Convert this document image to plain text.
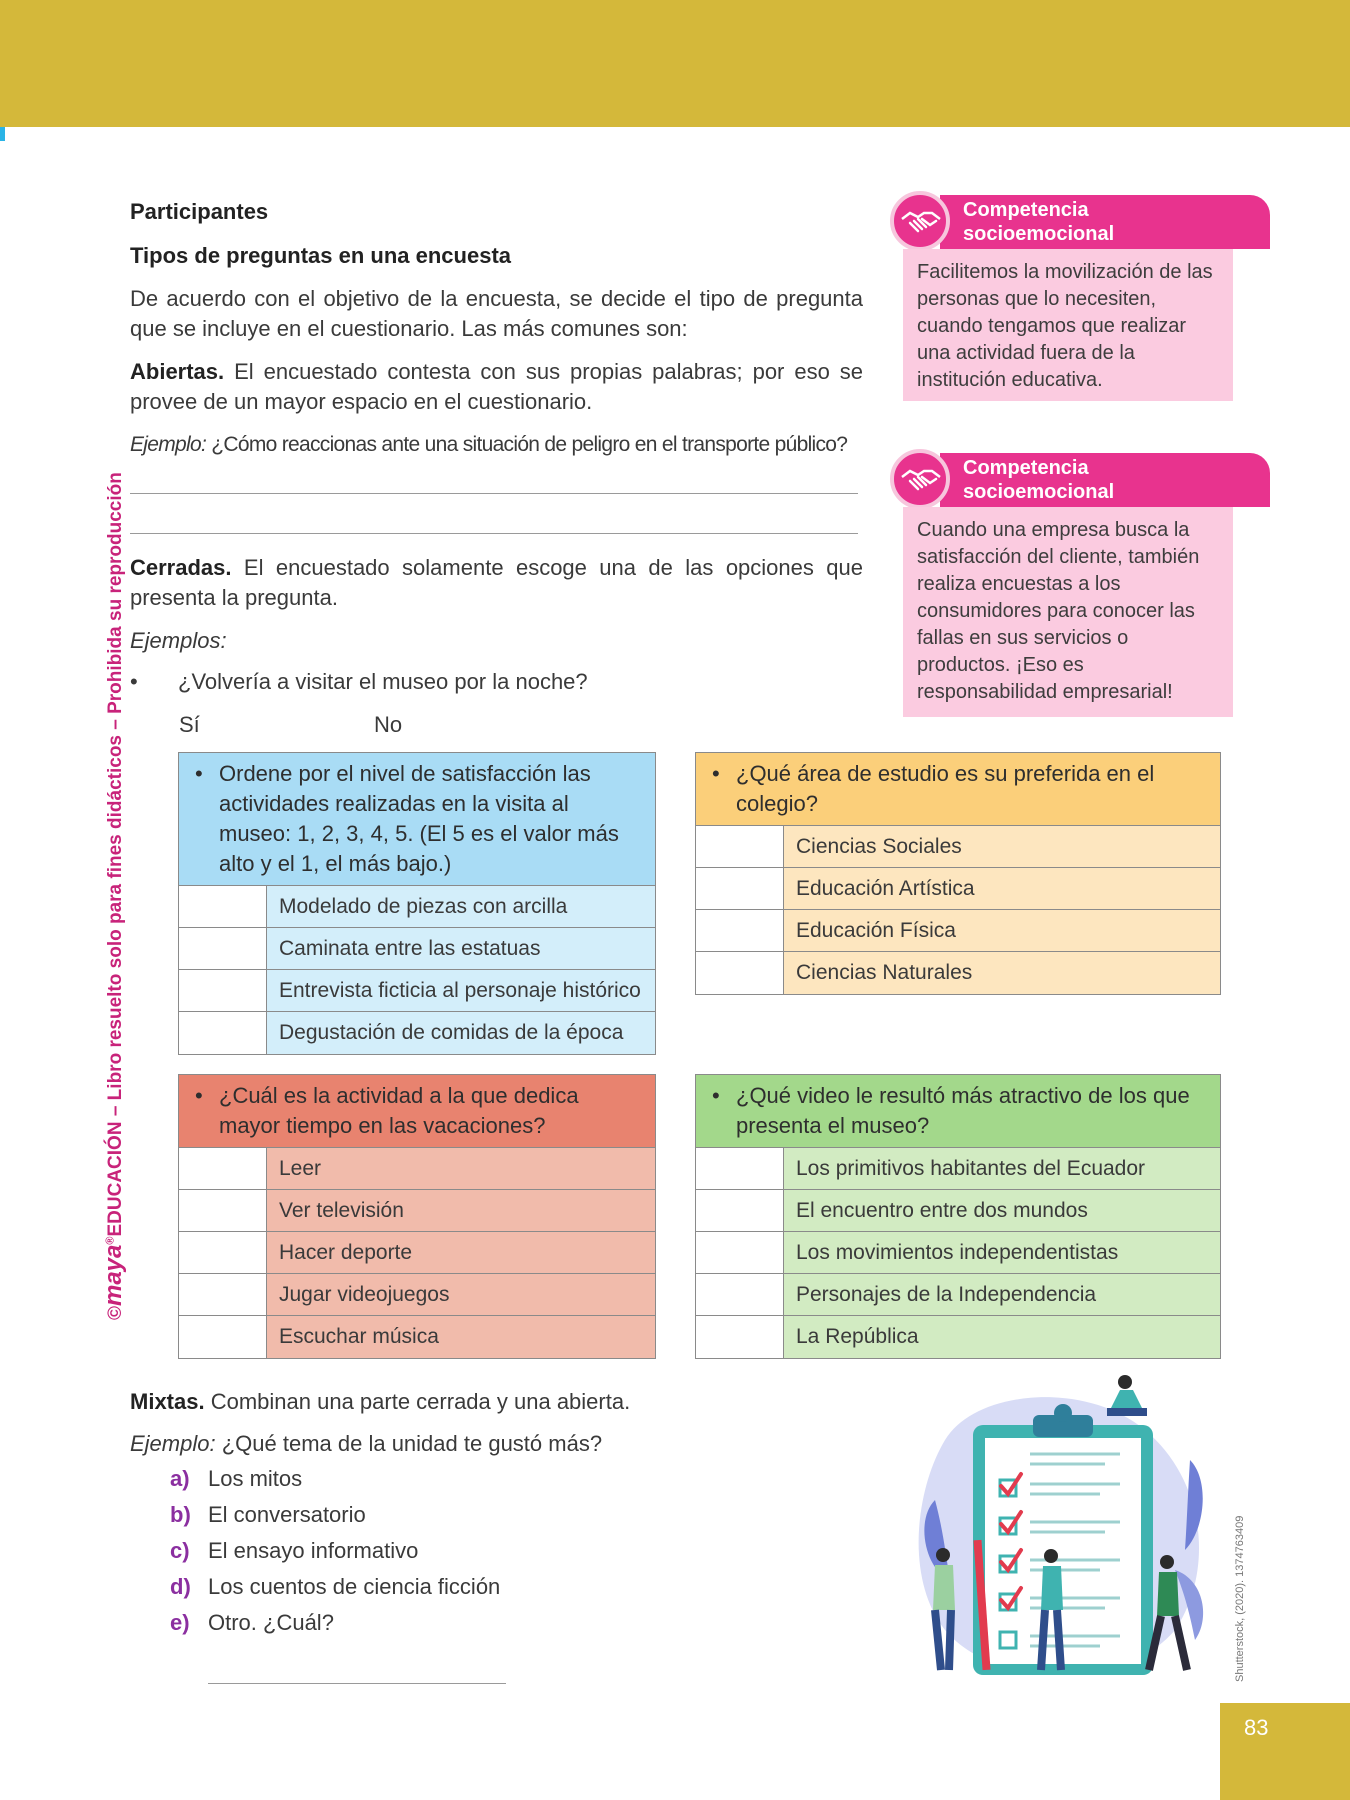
©maya®EDUCACIÓN – Libro resuelto solo para fines didácticos – Prohibida su reproducción
Participantes
Tipos de preguntas en una encuesta
De acuerdo con el objetivo de la encuesta, se decide el tipo de pregunta que se incluye en el cuestionario. Las más comunes son:
Abiertas. El encuestado contesta con sus propias palabras; por eso se provee de un mayor espacio en el cuestionario.
Ejemplo: ¿Cómo reaccionas ante una situación de peligro en el transporte público?
Cerradas. El encuestado solamente escoge una de las opciones que presenta la pregunta.
Ejemplos:
• ¿Volvería a visitar el museo por la noche?
Sí	No
Competencia
socioemocional
Facilitemos la movilización de las personas que lo necesiten, cuando tengamos que realizar una actividad fuera de la institución educativa.
Competencia
socioemocional
Cuando una empresa busca la satisfacción del cliente, también realiza encuestas a los consumidores para conocer las fallas en sus servicios o productos. ¡Eso es responsabilidad empresarial!
• Ordene por el nivel de satisfacción las actividades realizadas en la visita al museo: 1, 2, 3, 4, 5. (El 5 es el valor más alto y el 1, el más bajo.)
Modelado de piezas con arcilla
Caminata entre las estatuas
Entrevista ficticia al personaje histórico
Degustación de comidas de la época
• ¿Qué área de estudio es su preferida en el colegio?
Ciencias Sociales
Educación Artística
Educación Física
Ciencias Naturales
• ¿Cuál es la actividad a la que dedica mayor tiempo en las vacaciones?
Leer
Ver televisión
Hacer deporte
Jugar videojuegos
Escuchar música
• ¿Qué video le resultó más atractivo de los que presenta el museo?
Los primitivos habitantes del Ecuador
El encuentro entre dos mundos
Los movimientos independentistas
Personajes de la Independencia
La República
Mixtas. Combinan una parte cerrada y una abierta.
Ejemplo: ¿Qué tema de la unidad te gustó más?
a) Los mitos
b) El conversatorio
c) El ensayo informativo
d) Los cuentos de ciencia ficción
e) Otro. ¿Cuál?	Shutterstock, (2020). 1374763409
83
